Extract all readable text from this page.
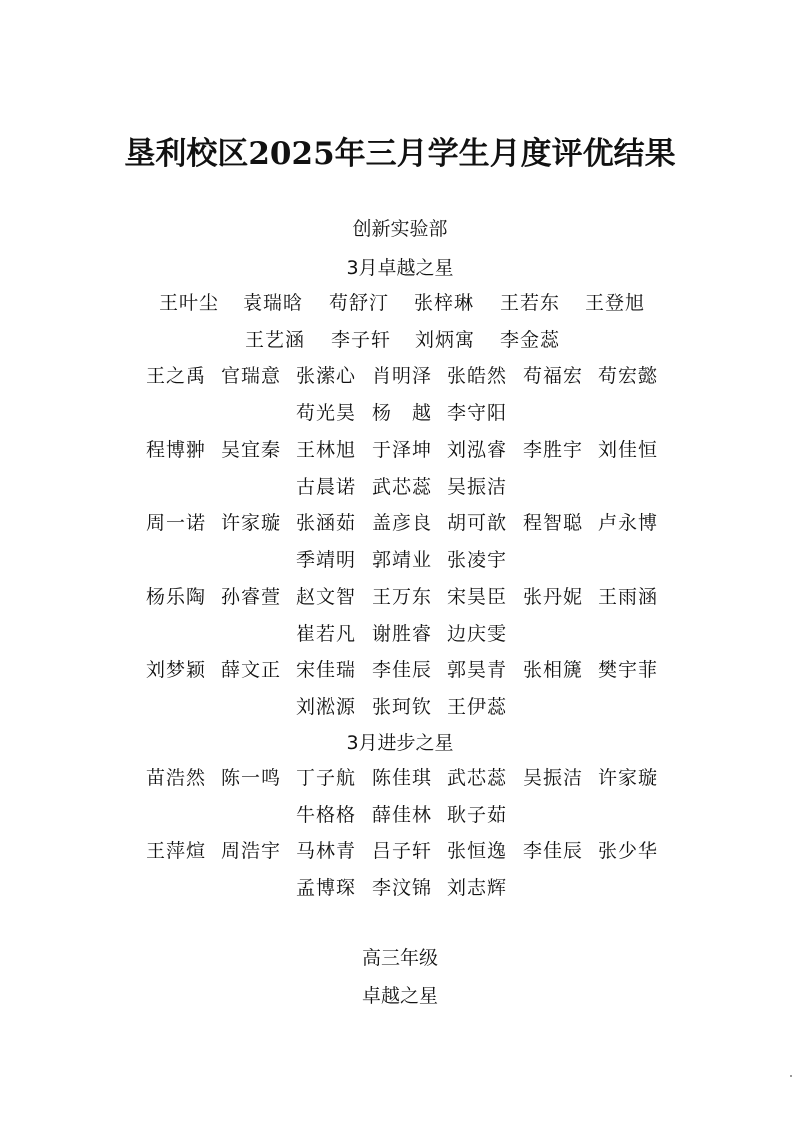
垦利校区2025年三月学生月度评优结果
创新实验部
3月卓越之星
王叶尘 袁瑞晗 苟舒汀 张梓琳 王若东 王登旭
王艺涵 李子轩 刘炳寓 李金蕊
王之禹 官瑞意 张潆心 肖明泽 张皓然 苟福宏 苟宏懿
苟光昊 杨　越 李守阳
程博翀 吴宜秦 王林旭 于泽坤 刘泓睿 李胜宇 刘佳恒
古晨诺 武芯蕊 吴振洁
周一诺 许家璇 张涵茹 盖彦良 胡可歆 程智聪 卢永博
季靖明 郭靖业 张凌宇
杨乐陶 孙睿萱 赵文智 王万东 宋昊臣 张丹妮 王雨涵
崔若凡 谢胜睿 边庆雯
刘梦颖 薛文正 宋佳瑞 李佳辰 郭昊青 张相篪 樊宇菲
刘淞源 张珂钦 王伊蕊
3月进步之星
苗浩然 陈一鸣 丁子航 陈佳琪 武芯蕊 吴振洁 许家璇
牛格格 薛佳林 耿子茹
王萍煊 周浩宇 马林青 吕子轩 张恒逸 李佳辰 张少华
孟博琛 李汶锦 刘志辉
高三年级
卓越之星
